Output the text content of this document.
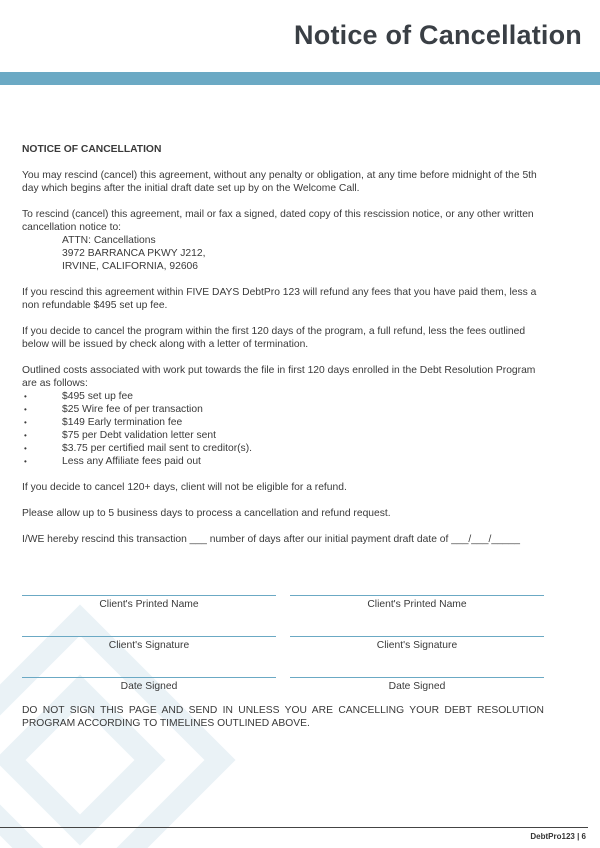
Notice of Cancellation

NOTICE OF CANCELLATION

You may rescind (cancel) this agreement, without any penalty or obligation, at any time before midnight of the 5th day which begins after the initial draft date set up by on the Welcome Call.

To rescind (cancel) this agreement, mail or fax a signed, dated copy of this rescission notice, or any other written cancellation notice to:

ATTN: Cancellations
3972 BARRANCA PKWY J212,
IRVINE, CALIFORNIA, 92606

If you rescind this agreement within FIVE DAYS DebtPro 123 will refund any fees that you have paid them, less a non refundable $495 set up fee.

If you decide to cancel the program within the first 120 days of the program, a full refund, less the fees outlined below will be issued by check along with a letter of termination.

Outlined costs associated with work put towards the file in first 120 days enrolled in the Debt Resolution Program are as follows:

• $495 set up fee
• $25 Wire fee of per transaction
• $149 Early termination fee
• $75 per Debt validation letter sent
• $3.75 per certified mail sent to creditor(s).
• Less any Affiliate fees paid out

If you decide to cancel 120+ days, client will not be eligible for a refund.

Please allow up to 5 business days to process a cancellation and refund request.

I/WE hereby rescind this transaction ___ number of days after our initial payment draft date of ___/___/_____

Client's Printed Name	Client's Printed Name
Client's Signature	Client's Signature
Date Signed	Date Signed

DO NOT SIGN THIS PAGE AND SEND IN UNLESS YOU ARE CANCELLING YOUR DEBT RESOLUTION PROGRAM ACCORDING TO TIMELINES OUTLINED ABOVE.

DebtPro123 | 6
